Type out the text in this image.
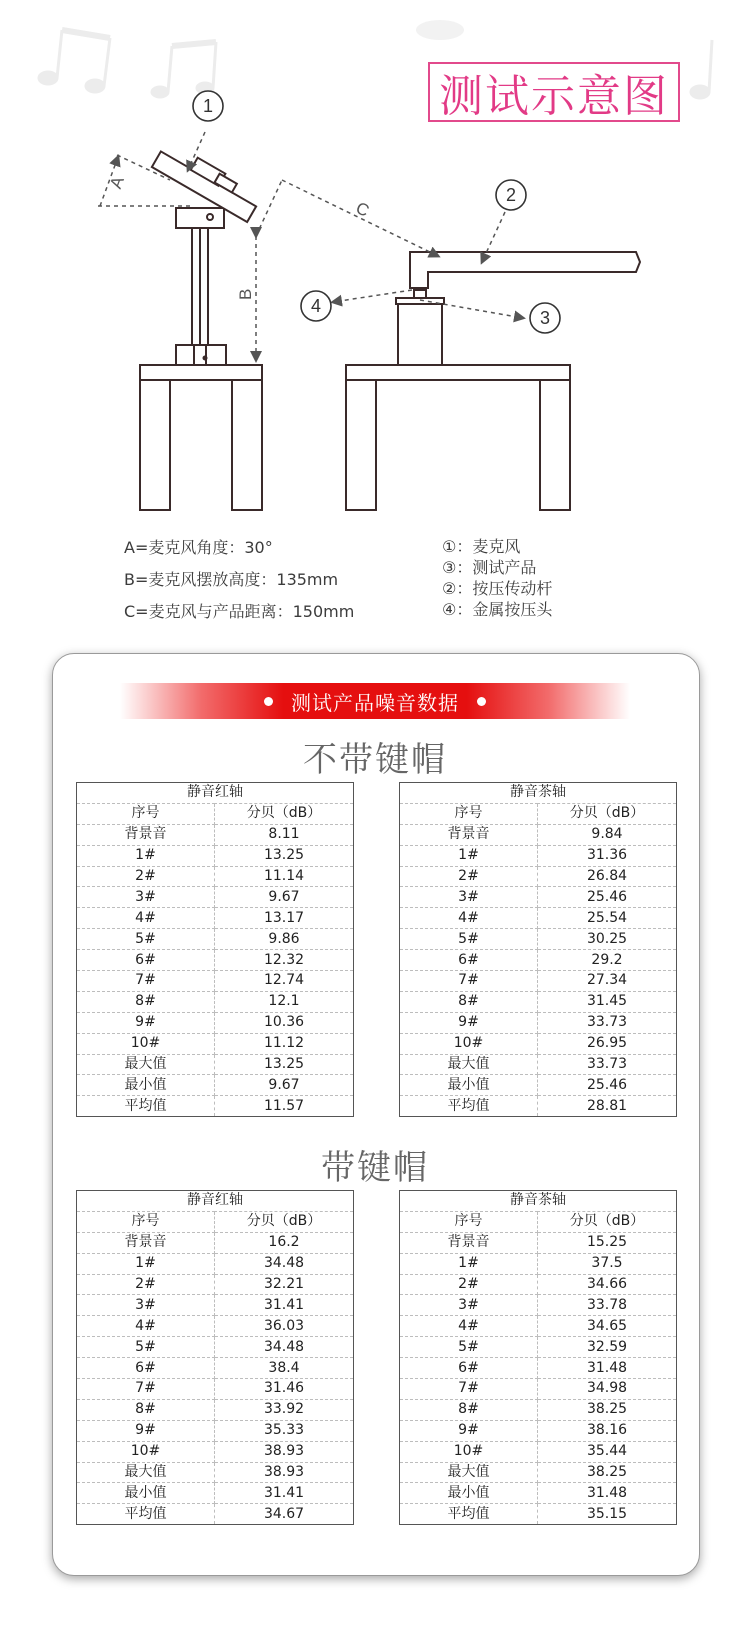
测试示意图
A
B
C
1
2
3
4
A=麦克风角度：30°
B=麦克风摆放高度：135mm
C=麦克风与产品距离：150mm
①：麦克风
③：测试产品
②：按压传动杆
④：金属按压头
测试产品噪音数据
不带键帽
带键帽
静音红轴	
序号	分贝（dB）
背景音	8.11
1#	13.25
2#	11.14
3#	9.67
4#	13.17
5#	9.86
6#	12.32
7#	12.74
8#	12.1
9#	10.36
10#	11.12
最大值	13.25
最小值	9.67
平均值	11.57
静音茶轴	
序号	分贝（dB）
背景音	9.84
1#	31.36
2#	26.84
3#	25.46
4#	25.54
5#	30.25
6#	29.2
7#	27.34
8#	31.45
9#	33.73
10#	26.95
最大值	33.73
最小值	25.46
平均值	28.81
静音红轴	
序号	分贝（dB）
背景音	16.2
1#	34.48
2#	32.21
3#	31.41
4#	36.03
5#	34.48
6#	38.4
7#	31.46
8#	33.92
9#	35.33
10#	38.93
最大值	38.93
最小值	31.41
平均值	34.67
静音茶轴	
序号	分贝（dB）
背景音	15.25
1#	37.5
2#	34.66
3#	33.78
4#	34.65
5#	32.59
6#	31.48
7#	34.98
8#	38.25
9#	38.16
10#	35.44
最大值	38.25
最小值	31.48
平均值	35.15
